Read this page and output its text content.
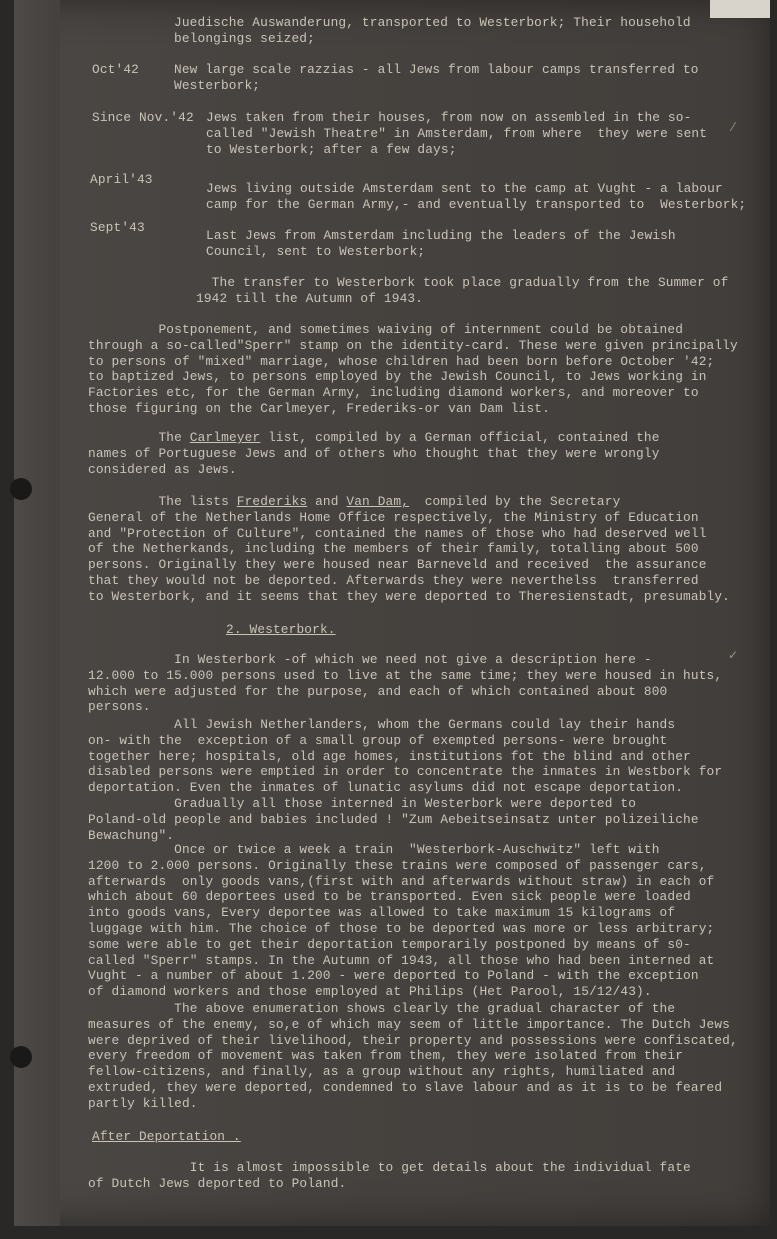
Juedische Auswanderung, transported to Westerbork; Their household
belongings seized;
Oct'42	New large scale razzias - all Jews from labour camps transferred to
Westerbork;
Since Nov.'42 Jews taken from their houses, from now on assembled in the so-
called "Jewish Theatre" in Amsterdam, from where  they were sent
to Westerbork; after a few days;
April'43
Jews living outside Amsterdam sent to the camp at Vught - a labour
camp for the German Army,- and eventually transported to  Westerbork;
Sept'43
Last Jews from Amsterdam including the leaders of the Jewish
Council, sent to Westerbork;
The transfer to Westerbork took place gradually from the Summer of
1942 till the Autumn of 1943.
Postponement, and sometimes waiving of internment could be obtained
through a so-called"Sperr" stamp on the identity-card. These were given principally
to persons of "mixed" marriage, whose children had been born before October '42;
to baptized Jews, to persons employed by the Jewish Council, to Jews working in
Factories etc, for the German Army, including diamond workers, and moreover to
those figuring on the Carlmeyer, Frederiks-or van Dam list.
The Carlmeyer list, compiled by a German official, contained the
names of Portuguese Jews and of others who thought that they were wrongly
considered as Jews.
The lists Frederiks and Van Dam,  compiled by the Secretary
General of the Netherlands Home Office respectively, the Ministry of Education
and "Protection of Culture", contained the names of those who had deserved well
of the Netherkands, including the members of their family, totalling about 500
persons. Originally they were housed near Barneveld and received  the assurance
that they would not be deported. Afterwards they were neverthelss  transferred
to Westerbork, and it seems that they were deported to Theresienstadt, presumably.
2. Westerbork.
In Westerbork -of which we need not give a description here -
12.000 to 15.000 persons used to live at the same time; they were housed in huts,
which were adjusted for the purpose, and each of which contained about 800
persons.
All Jewish Netherlanders, whom the Germans could lay their hands
on- with the  exception of a small group of exempted persons- were brought
together here; hospitals, old age homes, institutions fot the blind and other
disabled persons were emptied in order to concentrate the inmates in Westbork for
deportation. Even the inmates of lunatic asylums did not escape deportation.
Gradually all those interned in Westerbork were deported to
Poland-old people and babies included ! "Zum Aebeitseinsatz unter polizeiliche
Bewachung".
Once or twice a week a train  "Westerbork-Auschwitz" left with
1200 to 2.000 persons. Originally these trains were composed of passenger cars,
afterwards  only goods vans,(first with and afterwards without straw) in each of
which about 60 deportees used to be transported. Even sick people were loaded
into goods vans, Every deportee was allowed to take maximum 15 kilograms of
luggage with him. The choice of those to be deported was more or less arbitrary;
some were able to get their deportation temporarily postponed by means of s0-
called "Sperr" stamps. In the Autumn of 1943, all those who had been interned at
Vught - a number of about 1.200 - were deported to Poland - with the exception
of diamond workers and those employed at Philips (Het Parool, 15/12/43).
The above enumeration shows clearly the gradual character of the
measures of the enemy, so,e of which may seem of little importance. The Dutch Jews
were deprived of their livelihood, their property and possessions were confiscated,
every freedom of movement was taken from them, they were isolated from their
fellow-citizens, and finally, as a group without any rights, humiliated and
extruded, they were deported, condemned to slave labour and as it is to be feared
partly killed.
After Deportation .
It is almost impossible to get details about the individual fate
of Dutch Jews deported to Poland.
⁄
✓
